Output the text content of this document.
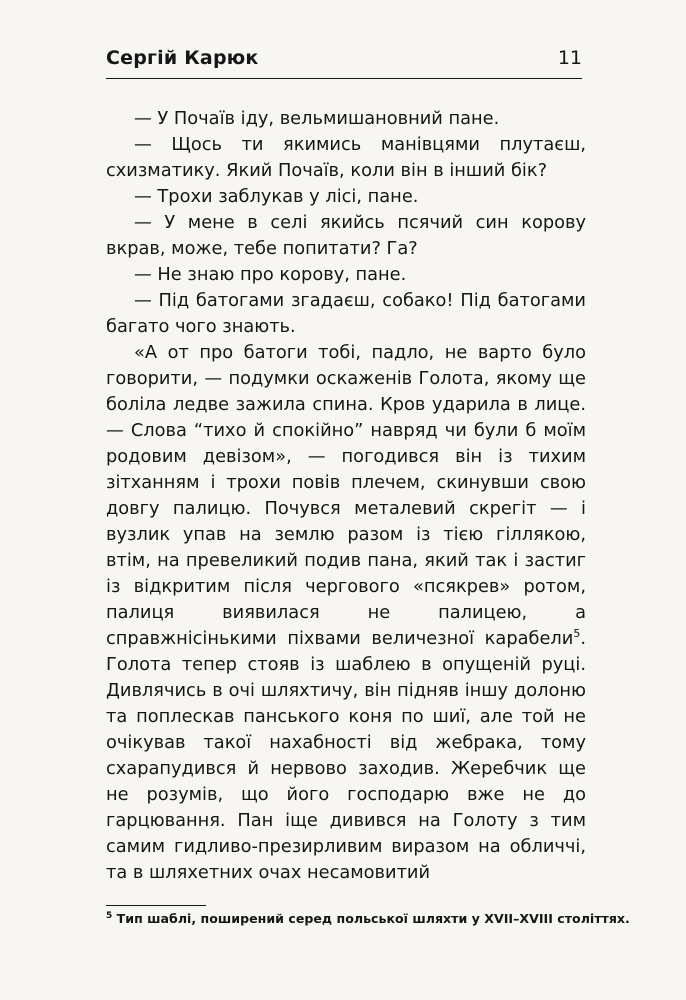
Сергій Карюк	11

— У Почаїв іду, вельмишановний пане.

— Щось ти якимись манівцями плутаєш, схизматику. Який Почаїв, коли він в інший бік?

— Трохи заблукав у лісі, пане.

— У мене в селі якийсь псячий син корову вкрав, може, тебе попитати? Га?

— Не знаю про корову, пане.

— Під батогами згадаєш, собако! Під батогами багато чого знають.

«А от про батоги тобі, падло, не варто було говорити, — подумки оскаженів Голота, якому ще боліла ледве зажила спина. Кров ударила в лице. — Слова “тихо й спокійно” навряд чи були б моїм родовим девізом», — погодився він із тихим зітханням і трохи повів плечем, скинувши свою довгу палицю. Почувся металевий скрегіт — і вузлик упав на землю разом із тією гіллякою, втім, на превеликий подив пана, який так і застиг із відкритим після чергового «псякрев» ротом, палиця виявилася не палицею, а справжнісінькими піхвами величезної карабели$^5$. Голота тепер стояв із шаблею в опущеній руці. Дивлячись в очі шляхтичу, він підняв іншу долоню та поплескав панського коня по шиї, але той не очікував такої нахабності від жебрака, тому схарапудився й нервово заходив. Жеребчик ще не розумів, що його господарю вже не до гарцювання. Пан іще дивився на Голоту з тим самим гидливо-презирливим виразом на обличчі, та в шляхетних очах несамовитий

$^5$ Тип шаблі, поширений серед польської шляхти у XVII–XVIII століттях.
